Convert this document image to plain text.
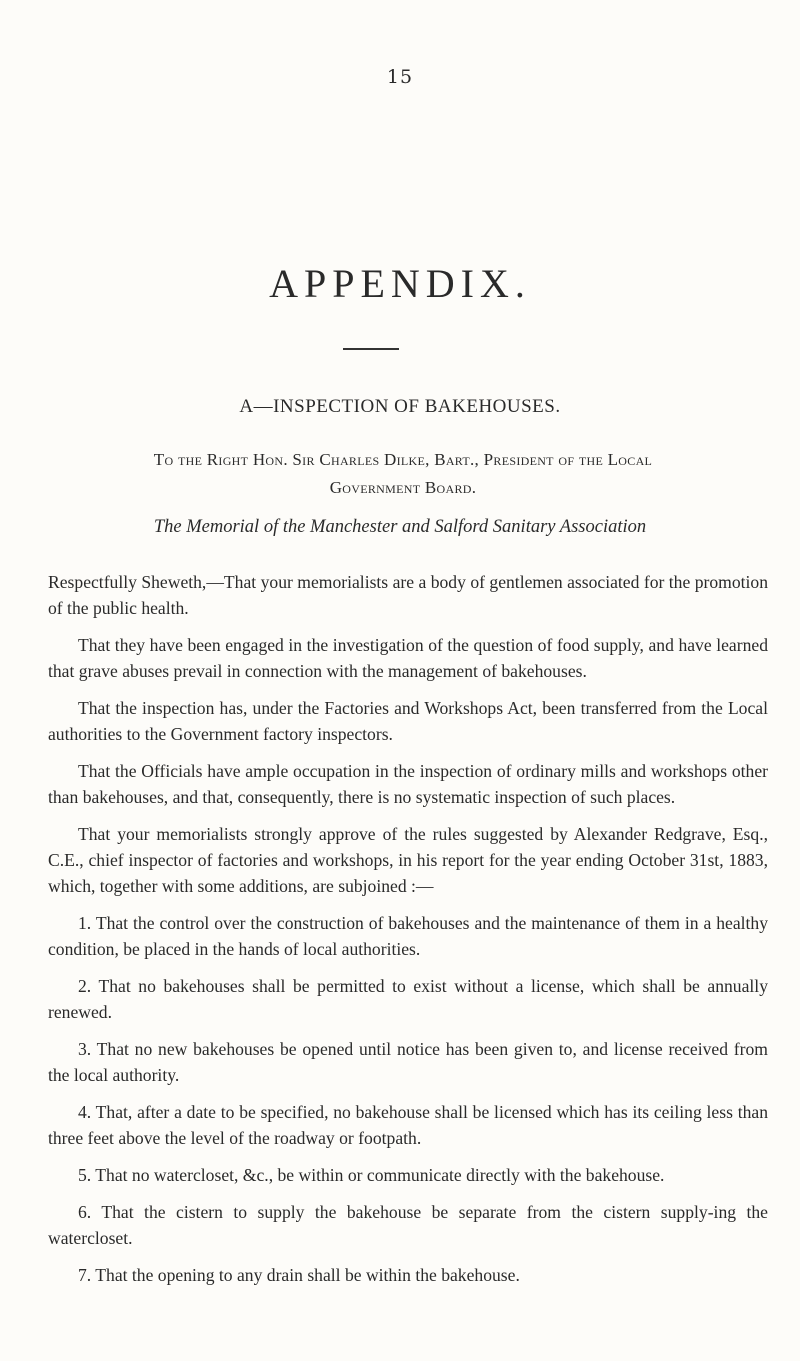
15
APPENDIX.
A—INSPECTION OF BAKEHOUSES.
To the Right Hon. Sir Charles Dilke, Bart., President of the Local
Government Board.
The Memorial of the Manchester and Salford Sanitary Association

Respectfully Sheweth,—That your memorialists are a body of gentlemen associated for the promotion of the public health.

That they have been engaged in the investigation of the question of food supply, and have learned that grave abuses prevail in connection with the management of bakehouses.

That the inspection has, under the Factories and Workshops Act, been transferred from the Local authorities to the Government factory inspectors.

That the Officials have ample occupation in the inspection of ordinary mills and workshops other than bakehouses, and that, consequently, there is no systematic inspection of such places.

That your memorialists strongly approve of the rules suggested by Alexander Redgrave, Esq., C.E., chief inspector of factories and workshops, in his report for the year ending October 31st, 1883, which, together with some additions, are subjoined :—

1. That the control over the construction of bakehouses and the maintenance of them in a healthy condition, be placed in the hands of local authorities.

2. That no bakehouses shall be permitted to exist without a license, which shall be annually renewed.

3. That no new bakehouses be opened until notice has been given to, and license received from the local authority.

4. That, after a date to be specified, no bakehouse shall be licensed which has its ceiling less than three feet above the level of the roadway or footpath.

5. That no watercloset, &c., be within or communicate directly with the bakehouse.

6. That the cistern to supply the bakehouse be separate from the cistern supply-ing the watercloset.

7. That the opening to any drain shall be within the bakehouse.
